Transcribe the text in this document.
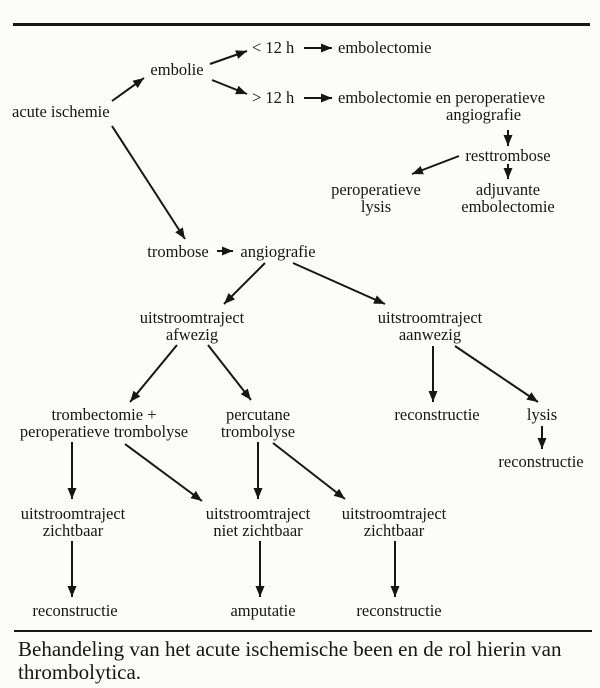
acute ischemie
embolie
< 12 h	embolectomie
> 12 h	embolectomie en peroperatieve
angiografie
resttrombose
peroperatieve
lysis
adjuvante
embolectomie
trombose angiografie
uitstroomtraject
afwezig
uitstroomtraject
aanwezig
trombectomie +
peroperatieve trombolyse
percutane
trombolyse
reconstructie	lysis
reconstructie
uitstroomtraject
zichtbaar
uitstroomtraject
niet zichtbaar
uitstroomtraject
zichtbaar
reconstructie	amputatie	reconstructie
Behandeling van het acute ischemische been en de rol hierin van
thrombolytica.
